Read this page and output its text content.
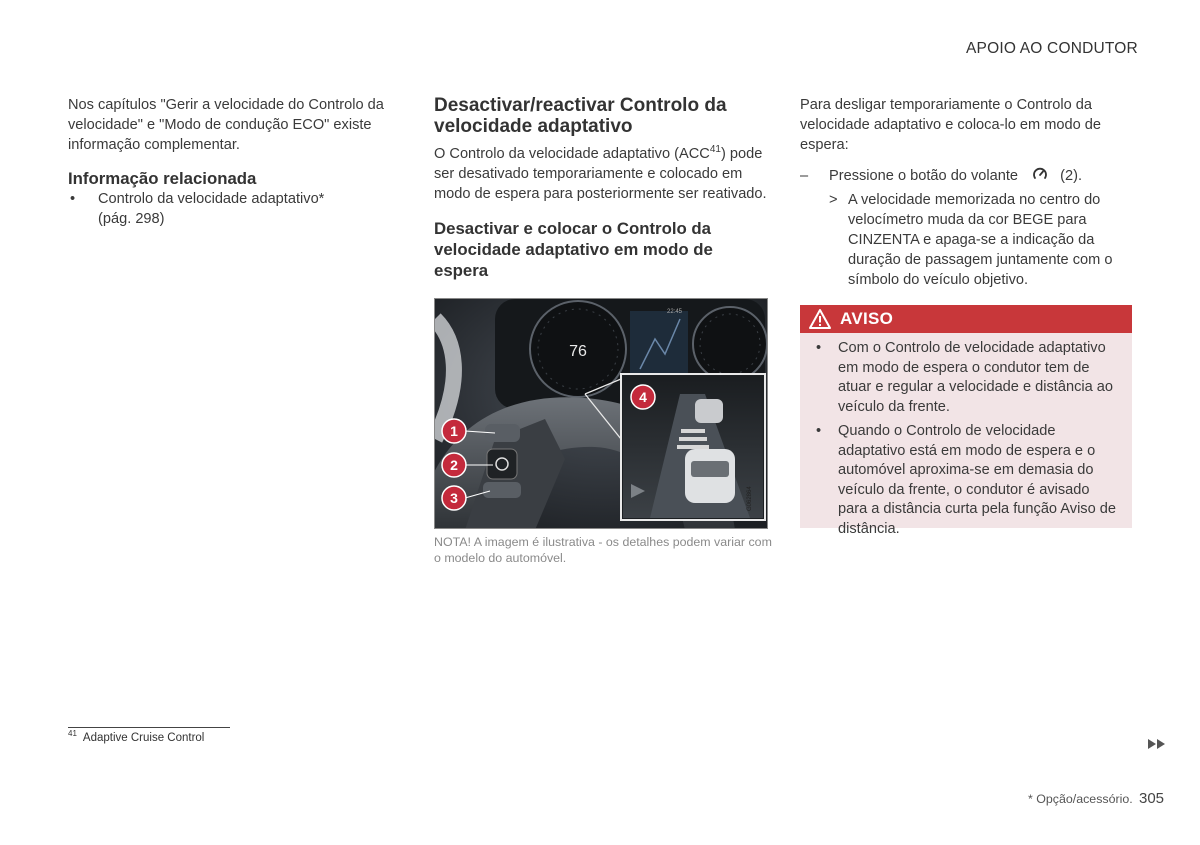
APOIO AO CONDUTOR

Nos capítulos "Gerir a velocidade do Controlo da velocidade" e "Modo de condução ECO" existe informação complementar.

Informação relacionada
•	Controlo da velocidade adaptativo*
(pág. 298)
Desactivar/reactivar Controlo da velocidade adaptativo

O Controlo da velocidade adaptativo (ACC$^{41}$) pode ser desativado temporariamente e colocado em modo de espera para posteriormente ser reativado.

Desactivar e colocar o Controlo da velocidade adaptativo em modo de espera
76
22:45
G062864
1
2
3
4
NOTA! A imagem é ilustrativa - os detalhes podem variar com o modelo do automóvel.

Para desligar temporariamente o Controlo da velocidade adaptativo e coloca-lo em modo de espera:

–	Pressione o botão do volante	(2).
> A velocidade memorizada no centro do velocímetro muda da cor BEGE para CINZENTA e apaga-se a indicação da duração de passagem juntamente com o símbolo do veículo objetivo.
AVISO
•	Com o Controlo de velocidade adaptativo em modo de espera o condutor tem de atuar e regular a velocidade e distância ao veículo da frente.
•	Quando o Controlo de velocidade adaptativo está em modo de espera e o automóvel aproxima-se em demasia do veículo da frente, o condutor é avisado para a distância curta pela função Aviso de distância.
$^{41}$ Adaptive Cruise Control
* Opção/acessório. 305
